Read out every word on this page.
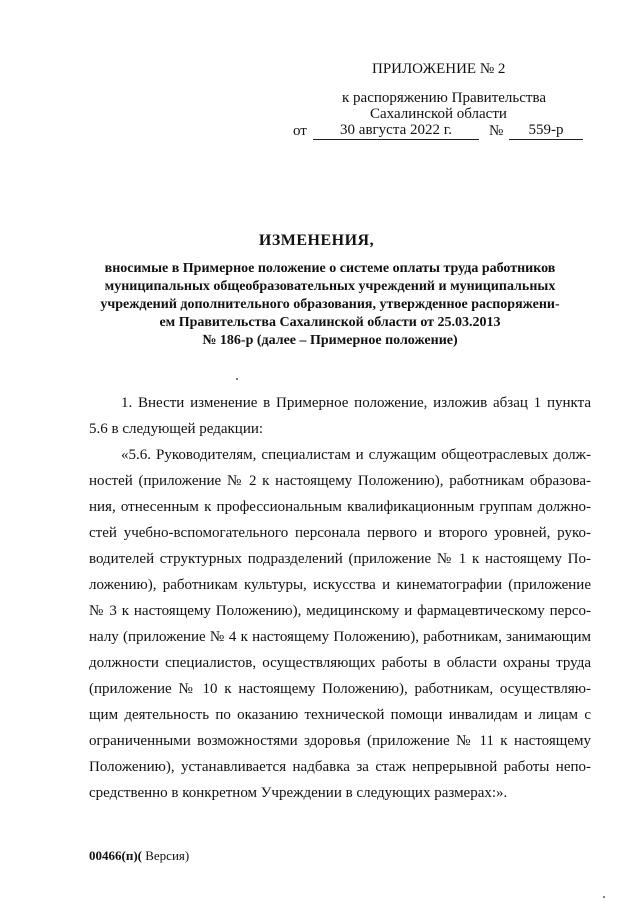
ПРИЛОЖЕНИЕ № 2
к распоряжению Правительства
Сахалинской области
от	30 августа 2022 г.	№	559-р
ИЗМЕНЕНИЯ,
вносимые в Примерное положение о системе оплаты труда работников
муниципальных общеобразовательных учреждений и муниципальных
учреждений дополнительного образования, утвержденное распоряжени-
ем Правительства Сахалинской области от 25.03.2013
№ 186-р (далее – Примерное положение)
1. Внести изменение в Примерное положение, изложив абзац 1 пункта
5.6 в следующей редакции:
«5.6. Руководителям, специалистам и служащим общеотраслевых долж-
ностей (приложение № 2 к настоящему Положению), работникам образова-
ния, отнесенным к профессиональным квалификационным группам должно-
стей учебно-вспомогательного персонала первого и второго уровней, руко-
водителей структурных подразделений (приложение № 1 к настоящему По-
ложению), работникам культуры, искусства и кинематографии (приложение
№ 3 к настоящему Положению), медицинскому и фармацевтическому персо-
налу (приложение № 4 к настоящему Положению), работникам, занимающим
должности специалистов, осуществляющих работы в области охраны труда
(приложение № 10 к настоящему Положению), работникам, осуществляю-
щим деятельность по оказанию технической помощи инвалидам и лицам с
ограниченными возможностями здоровья (приложение № 11 к настоящему
Положению), устанавливается надбавка за стаж непрерывной работы непо-
средственно в конкретном Учреждении в следующих размерах:».
00466(п)( Версия)
